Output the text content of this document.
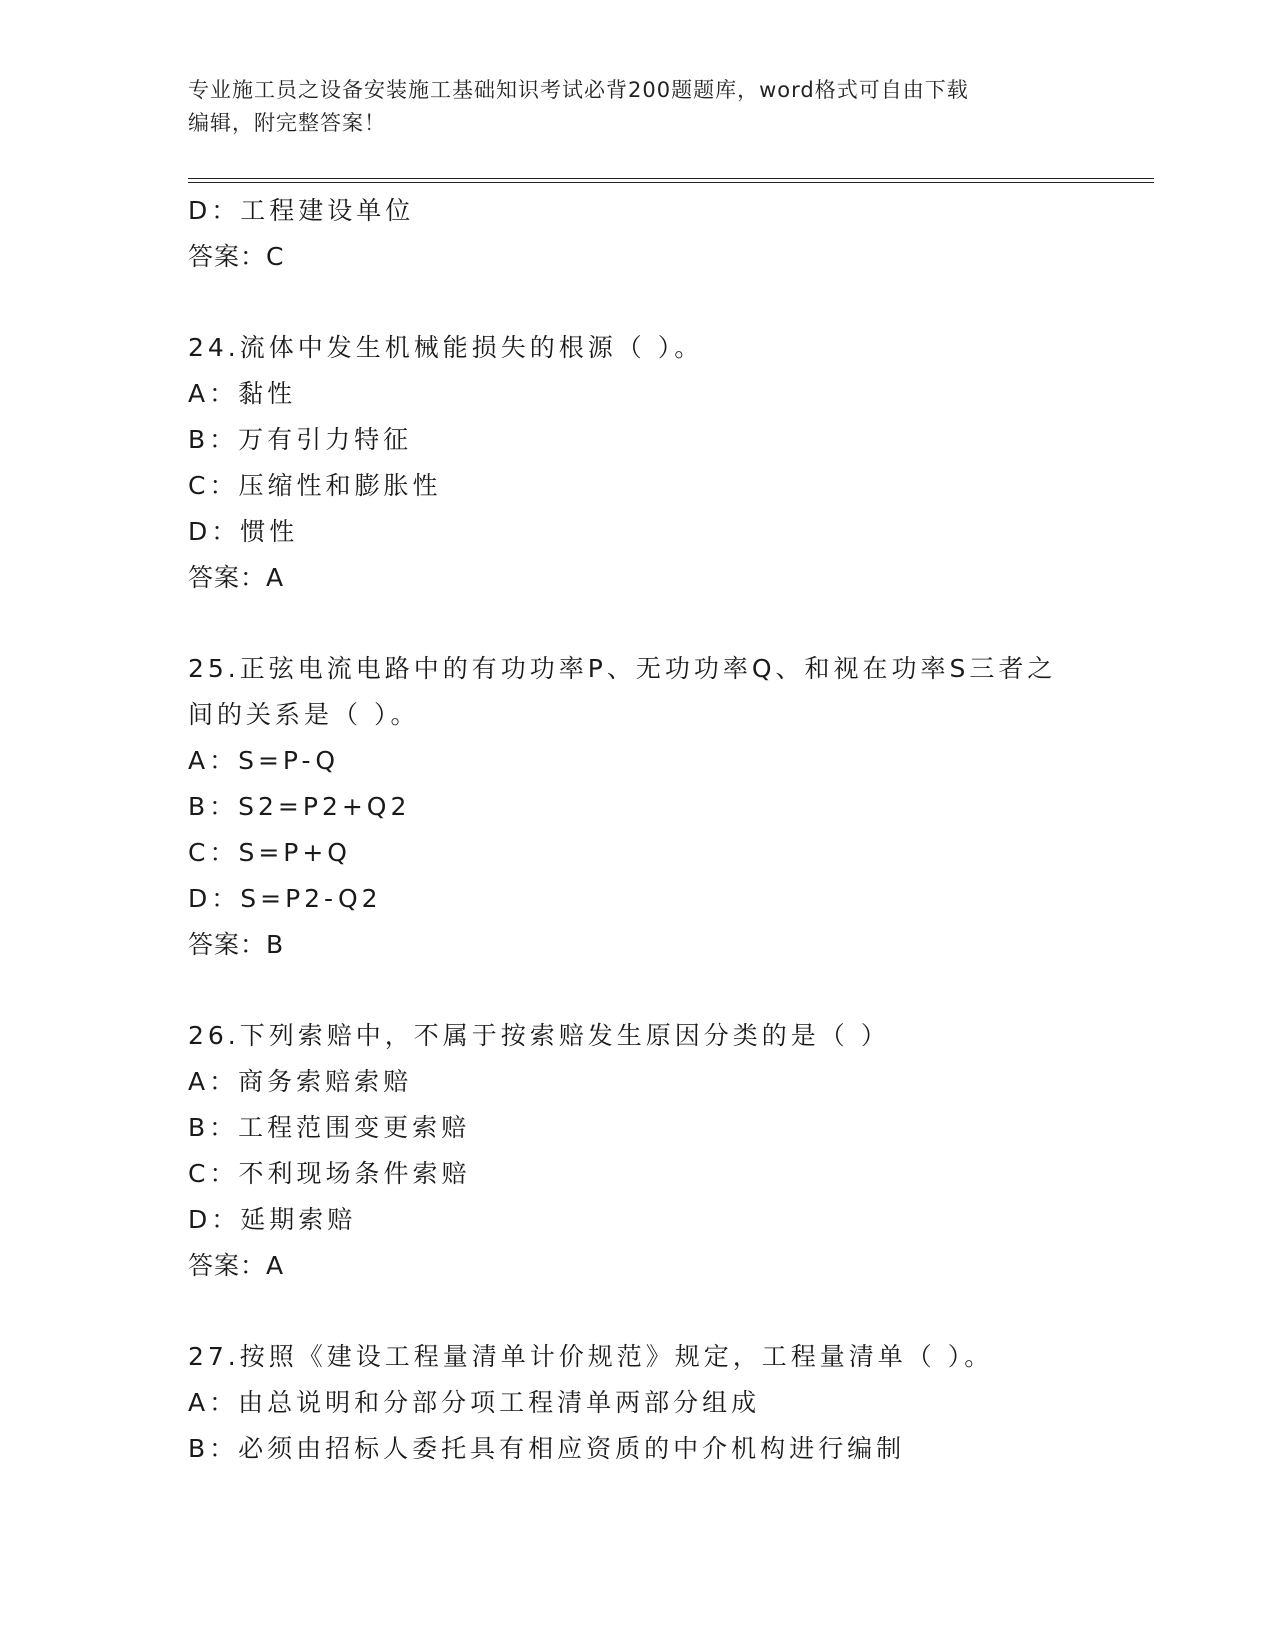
专业施工员之设备安装施工基础知识考试必背200题题库，word格式可自由下载
编辑，附完整答案！
D：工程建设单位
答案：C
24.流体中发生机械能损失的根源（ ）。
A：黏性
B：万有引力特征
C：压缩性和膨胀性
D：惯性
答案：A
25.正弦电流电路中的有功功率P、无功功率Q、和视在功率S三者之
间的关系是（ ）。
A：S=P-Q
B：S2=P2+Q2
C：S=P+Q
D：S=P2-Q2
答案：B
26.下列索赔中，不属于按索赔发生原因分类的是（ ）
A：商务索赔索赔
B：工程范围变更索赔
C：不利现场条件索赔
D：延期索赔
答案：A
27.按照《建设工程量清单计价规范》规定，工程量清单（ ）。
A：由总说明和分部分项工程清单两部分组成
B：必须由招标人委托具有相应资质的中介机构进行编制
